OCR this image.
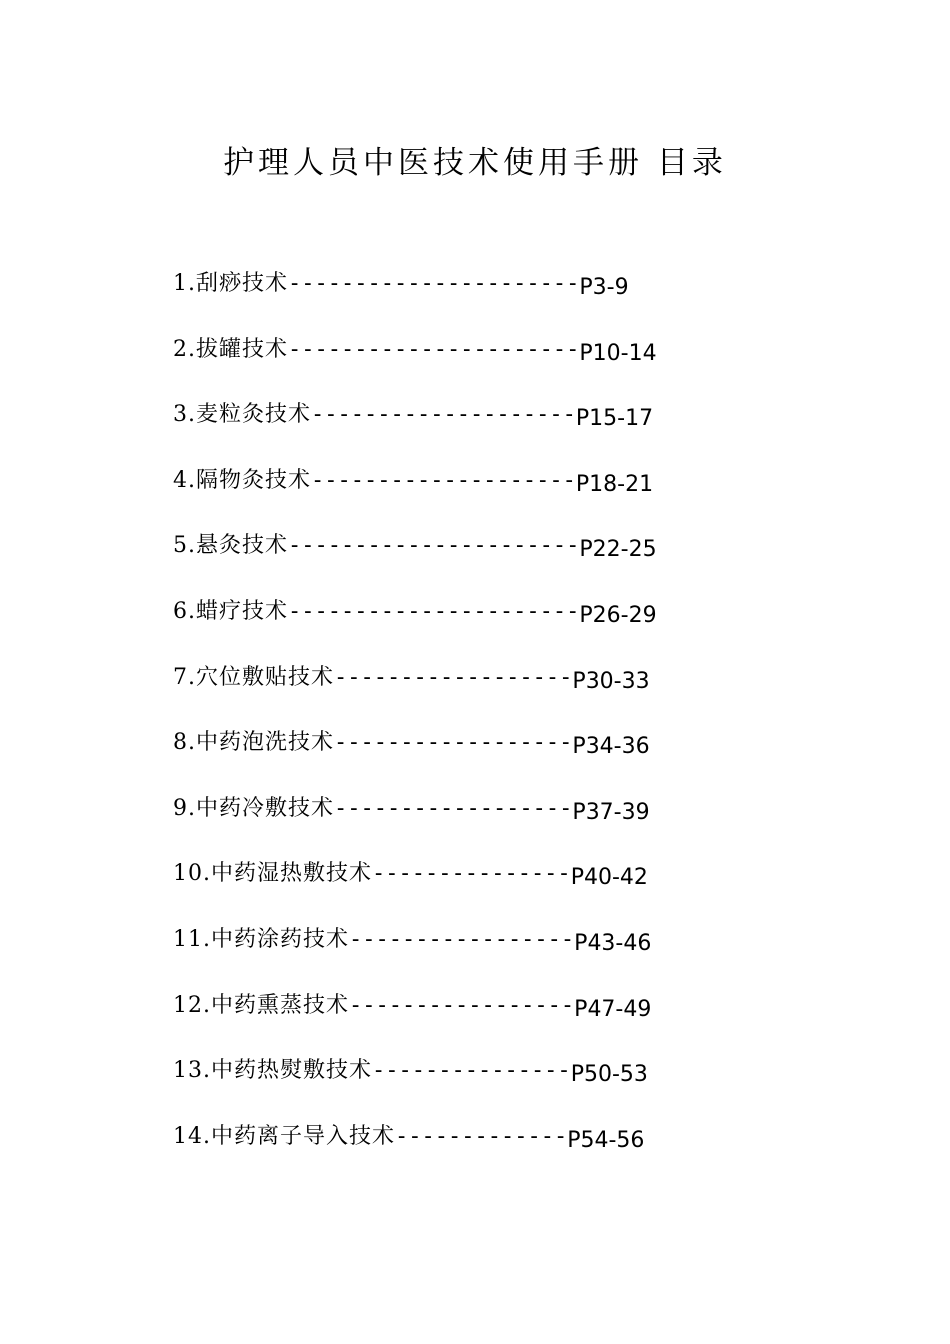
护理人员中医技术使用手册 目录
1.刮痧技术----------------------P3-9
2.拔罐技术----------------------P10-14
3.麦粒灸技术--------------------P15-17
4.隔物灸技术--------------------P18-21
5.悬灸技术----------------------P22-25
6.蜡疗技术----------------------P26-29
7.穴位敷贴技术------------------P30-33
8.中药泡洗技术------------------P34-36
9.中药冷敷技术------------------P37-39
10.中药湿热敷技术---------------P40-42
11.中药涂药技术-----------------P43-46
12.中药熏蒸技术-----------------P47-49
13.中药热熨敷技术---------------P50-53
14.中药离子导入技术-------------P54-56
